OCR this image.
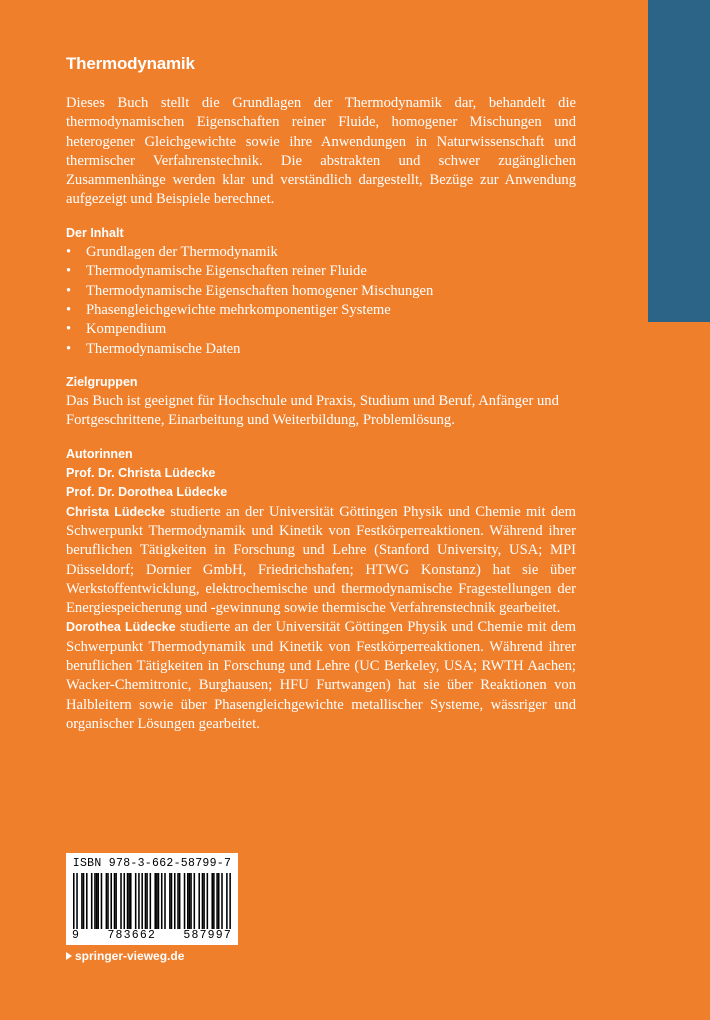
Thermodynamik

Dieses Buch stellt die Grundlagen der Thermodynamik dar, behandelt die thermodynamischen Eigenschaften reiner Fluide, homogener Mischungen und heterogener Gleichgewichte sowie ihre Anwendungen in Naturwissenschaft und thermischer Verfahrenstechnik. Die abstrakten und schwer zugänglichen Zusammenhänge werden klar und verständlich dargestellt, Bezüge zur Anwendung aufgezeigt und Beispiele berechnet.

Der Inhalt
• Grundlagen der Thermodynamik
• Thermodynamische Eigenschaften reiner Fluide
• Thermodynamische Eigenschaften homogener Mischungen
• Phasengleichgewichte mehrkomponentiger Systeme
• Kompendium
• Thermodynamische Daten
Zielgruppen

Das Buch ist geeignet für Hochschule und Praxis, Studium und Beruf, Anfänger und Fortgeschrittene, Einarbeitung und Weiterbildung, Problemlösung.

Autorinnen
Prof. Dr. Christa Lüdecke
Prof. Dr. Dorothea Lüdecke

Christa Lüdecke studierte an der Universität Göttingen Physik und Chemie mit dem Schwerpunkt Thermodynamik und Kinetik von Festkörperreaktionen. Während ihrer beruflichen Tätigkeiten in Forschung und Lehre (Stanford University, USA; MPI Düsseldorf; Dornier GmbH, Friedrichshafen; HTWG Konstanz) hat sie über Werkstoffentwicklung, elektrochemische und thermodynamische Fragestellungen der Energiespeicherung und -gewinnung sowie thermische Verfahrenstechnik gearbeitet.

Dorothea Lüdecke studierte an der Universität Göttingen Physik und Chemie mit dem Schwerpunkt Thermodynamik und Kinetik von Festkörperreaktionen. Während ihrer beruflichen Tätigkeiten in Forschung und Lehre (UC Berkeley, USA; RWTH Aachen; Wacker-Chemitronic, Burghausen; HFU Furtwangen) hat sie über Reaktionen von Halbleitern sowie über Phasengleichgewichte metallischer Systeme, wässriger und organischer Lösungen gearbeitet.

ISBN 978-3-662-58799-7
9 783662 587997
springer-vieweg.de
